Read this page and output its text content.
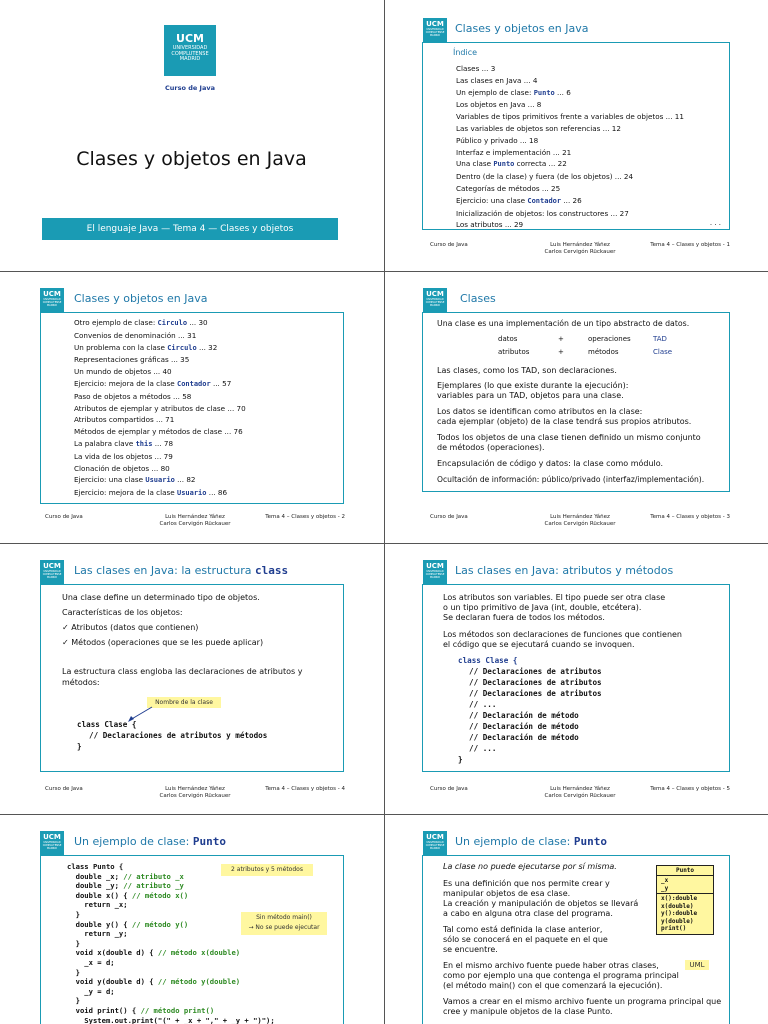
UCM
UNIVERSIDAD COMPLUTENSE MADRID
Curso de Java
Clases y objetos en Java
El lenguaje Java — Tema 4 — Clases y objetos
UCM
UNIVERSIDAD COMPLUTENSE MADRID
Clases y objetos en Java
Índice
Clases ... 3
Las clases en Java ... 4
Un ejemplo de clase: Punto ... 6
Los objetos en Java ... 8
Variables de tipos primitivos frente a variables de objetos ... 11
Las variables de objetos son referencias ... 12
Público y privado ... 18
Interfaz e implementación ... 21
Una clase Punto correcta ... 22
Dentro (de la clase) y fuera (de los objetos) ... 24
Categorías de métodos ... 25
Ejercicio: una clase Contador ... 26
Inicialización de objetos: los constructores ... 27
Los atributos ... 29	. . .
Curso de Java	Luis Hernández Yáñez
Carlos Cervigón Rückauer
Tema 4 – Clases y objetos - 1
UCM
UNIVERSIDAD COMPLUTENSE MADRID
Clases y objetos en Java
Otro ejemplo de clase: Circulo ... 30
Convenios de denominación ... 31
Un problema con la clase Circulo ... 32
Representaciones gráficas ... 35
Un mundo de objetos ... 40
Ejercicio: mejora de la clase Contador ... 57
Paso de objetos a métodos ... 58
Atributos de ejemplar y atributos de clase ... 70
Atributos compartidos ... 71
Métodos de ejemplar y métodos de clase ... 76
La palabra clave this ... 78
La vida de los objetos ... 79
Clonación de objetos ... 80
Ejercicio: una clase Usuario ... 82
Ejercicio: mejora de la clase Usuario ... 86
Curso de Java	Luis Hernández Yáñez
Carlos Cervigón Rückauer
Tema 4 – Clases y objetos - 2
UCM
UNIVERSIDAD COMPLUTENSE MADRID
Clases
Una clase es una implementación de un tipo abstracto de datos.
datos	+	operaciones	TAD
atributos	+	métodos	Clase
Las clases, como los TAD, son declaraciones.
Ejemplares (lo que existe durante la ejecución):
variables para un TAD, objetos para una clase.
Los datos se identifican como atributos en la clase:
cada ejemplar (objeto) de la clase tendrá sus propios atributos.
Todos los objetos de una clase tienen definido un mismo conjunto
de métodos (operaciones).
Encapsulación de código y datos: la clase como módulo.
Ocultación de información: público/privado (interfaz/implementación).
Curso de Java	Luis Hernández Yáñez
Carlos Cervigón Rückauer
Tema 4 – Clases y objetos - 3
UCM
UNIVERSIDAD COMPLUTENSE MADRID
Las clases en Java: la estructura class
Una clase define un determinado tipo de objetos.
Características de los objetos:
✓ Atributos (datos que contienen)
✓ Métodos (operaciones que se les puede aplicar)
La estructura class engloba las declaraciones de atributos y
métodos:
Nombre de la clase
class Clase {
// Declaraciones de atributos y métodos
}
Curso de Java	Luis Hernández Yáñez
Carlos Cervigón Rückauer
Tema 4 – Clases y objetos - 4
UCM
UNIVERSIDAD COMPLUTENSE MADRID
Las clases en Java: atributos y métodos
Los atributos son variables. El tipo puede ser otra clase
o un tipo primitivo de Java (int, double, etcétera).
Se declaran fuera de todos los métodos.
Los métodos son declaraciones de funciones que contienen
el código que se ejecutará cuando se invoquen.
class Clase {
// Declaraciones de atributos
// Declaraciones de atributos
// Declaraciones de atributos
// ...
// Declaración de método
// Declaración de método
// Declaración de método
// ...
}
Curso de Java	Luis Hernández Yáñez
Carlos Cervigón Rückauer
Tema 4 – Clases y objetos - 5
UCM
UNIVERSIDAD COMPLUTENSE MADRID
Un ejemplo de clase: Punto
class Punto {
double _x; // atributo _x
double _y; // atributo _y
double x() { // método x()
return _x;
}
double y() { // método y()
return _y;
}
void x(double d) { // método x(double)
_x = d;
}
void y(double d) { // método y(double)
_y = d;
}
void print() { // método print()
System.out.print("(" + _x + "," + _y + ")");
2 atributos y 5 métodos
Sin método main()
→ No se puede ejecutar
UCM
UNIVERSIDAD COMPLUTENSE MADRID
Un ejemplo de clase: Punto
La clase no puede ejecutarse por sí misma.
Es una definición que nos permite crear y
manipular objetos de esa clase.
La creación y manipulación de objetos se llevará
a cabo en alguna otra clase del programa.
Tal como está definida la clase anterior,
sólo se conocerá en el paquete en el que
se encuentre.
En el mismo archivo fuente puede haber otras clases,
como por ejemplo una que contenga el programa principal
(el método main() con el que comenzará la ejecución).
Vamos a crear en el mismo archivo fuente un programa principal que
cree y manipule objetos de la clase Punto.
Punto
_x
_y
x():double
x(double)
y():double
y(double)
print()
UML
